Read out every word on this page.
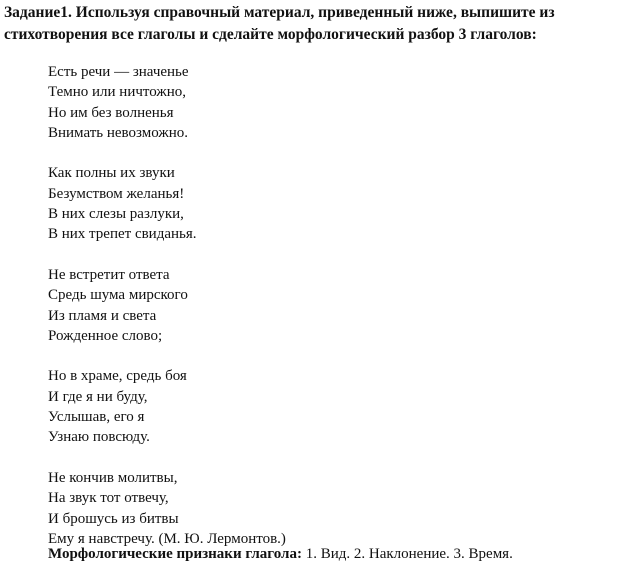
Задание1. Используя справочный материал, приведенный ниже, выпишите из
стихотворения все глаголы и сделайте морфологический разбор 3 глаголов:
Есть речи — значенье
Темно или ничтожно,
Но им без волненья
Внимать невозможно.
Как полны их звуки
Безумством желанья!
В них слезы разлуки,
В них трепет свиданья.
Не встретит ответа
Средь шума мирского
Из пламя и света
Рожденное слово;
Но в храме, средь боя
И где я ни буду,
Услышав, его я
Узнаю повсюду.
Не кончив молитвы,
На звук тот отвечу,
И брошусь из битвы
Ему я навстречу. (М. Ю. Лермонтов.)
Морфологические признаки глагола: 1. Вид. 2. Наклонение. 3. Время.
